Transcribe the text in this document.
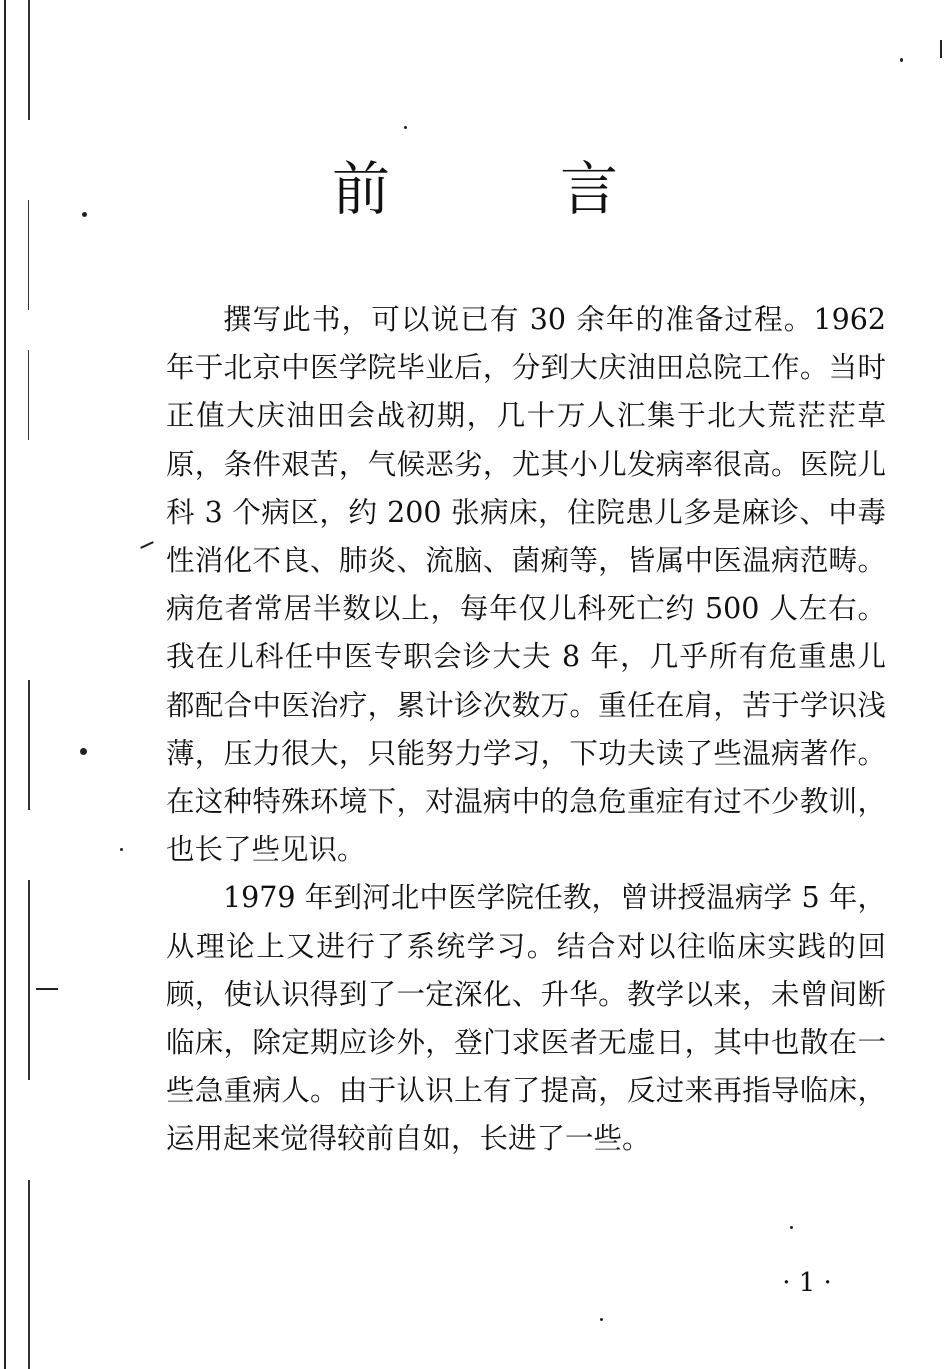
前　言

撰写此书，可以说已有 30 余年的准备过程。1962 年于北京中医学院毕业后，分到大庆油田总院工作。当时正值大庆油田会战初期，几十万人汇集于北大荒茫茫草原，条件艰苦，气候恶劣，尤其小儿发病率很高。医院儿科 3 个病区，约 200 张病床，住院患儿多是麻诊、中毒性消化不良、肺炎、流脑、菌痢等，皆属中医温病范畴。病危者常居半数以上，每年仅儿科死亡约 500 人左右。我在儿科任中医专职会诊大夫 8 年，几乎所有危重患儿都配合中医治疗，累计诊次数万。重任在肩，苦于学识浅薄，压力很大，只能努力学习，下功夫读了些温病著作。在这种特殊环境下，对温病中的急危重症有过不少教训，也长了些见识。

1979 年到河北中医学院任教，曾讲授温病学 5 年，从理论上又进行了系统学习。结合对以往临床实践的回顾，使认识得到了一定深化、升华。教学以来，未曾间断临床，除定期应诊外，登门求医者无虚日，其中也散在一些急重病人。由于认识上有了提高，反过来再指导临床，运用起来觉得较前自如，长进了一些。

· 1 ·
